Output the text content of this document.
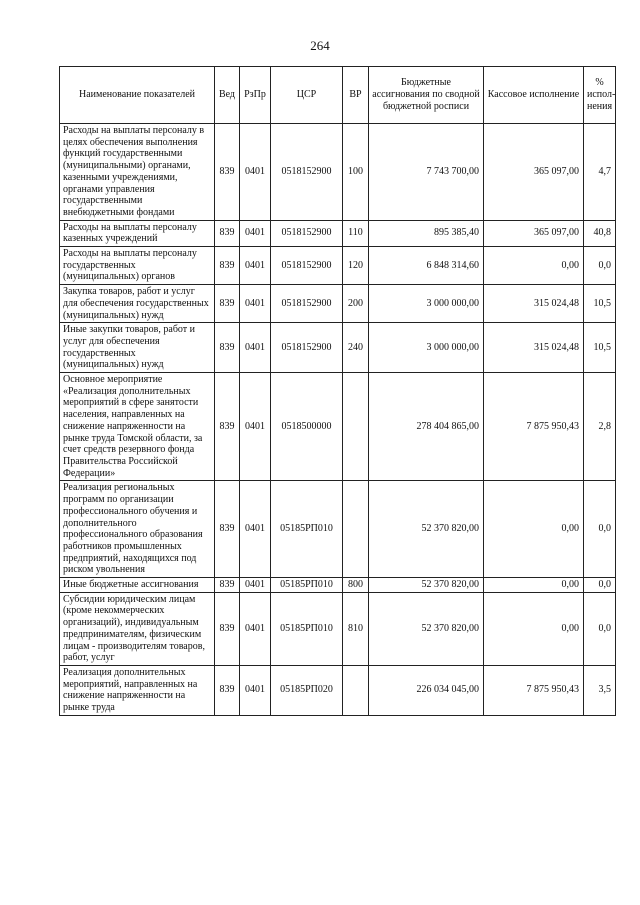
264
Наименование показателей	Вед	РзПр	ЦСР	ВР	Бюджетные ассигнования по сводной бюджетной росписи	Кассовое исполнение	% испол-нения
Расходы на выплаты персоналу в целях обеспечения выполнения функций государственными (муниципальными) органами, казенными учреждениями, органами управления государственными внебюджетными фондами	839	0401	0518152900	100	7 743 700,00	365 097,00	4,7
Расходы на выплаты персоналу казенных учреждений	839	0401	0518152900	110	895 385,40	365 097,00	40,8
Расходы на выплаты персоналу государственных (муниципальных) органов	839	0401	0518152900	120	6 848 314,60	0,00	0,0
Закупка товаров, работ и услуг для обеспечения государственных (муниципальных) нужд	839	0401	0518152900	200	3 000 000,00	315 024,48	10,5
Иные закупки товаров, работ и услуг для обеспечения государственных (муниципальных) нужд	839	0401	0518152900	240	3 000 000,00	315 024,48	10,5
Основное мероприятие «Реализация дополнительных мероприятий в сфере занятости населения, направленных на снижение напряженности на рынке труда Томской области, за счет средств резервного фонда Правительства Российской Федерации»	839	0401	0518500000		278 404 865,00	7 875 950,43	2,8
Реализация региональных программ по организации профессионального обучения и дополнительного профессионального образования работников промышленных предприятий, находящихся под риском увольнения	839	0401	05185РП010		52 370 820,00	0,00	0,0
Иные бюджетные ассигнования	839	0401	05185РП010	800	52 370 820,00	0,00	0,0
Субсидии юридическим лицам (кроме некоммерческих организаций), индивидуальным предпринимателям, физическим лицам - производителям товаров, работ, услуг	839	0401	05185РП010	810	52 370 820,00	0,00	0,0
Реализация дополнительных мероприятий, направленных на снижение напряженности на рынке труда	839	0401	05185РП020		226 034 045,00	7 875 950,43	3,5
